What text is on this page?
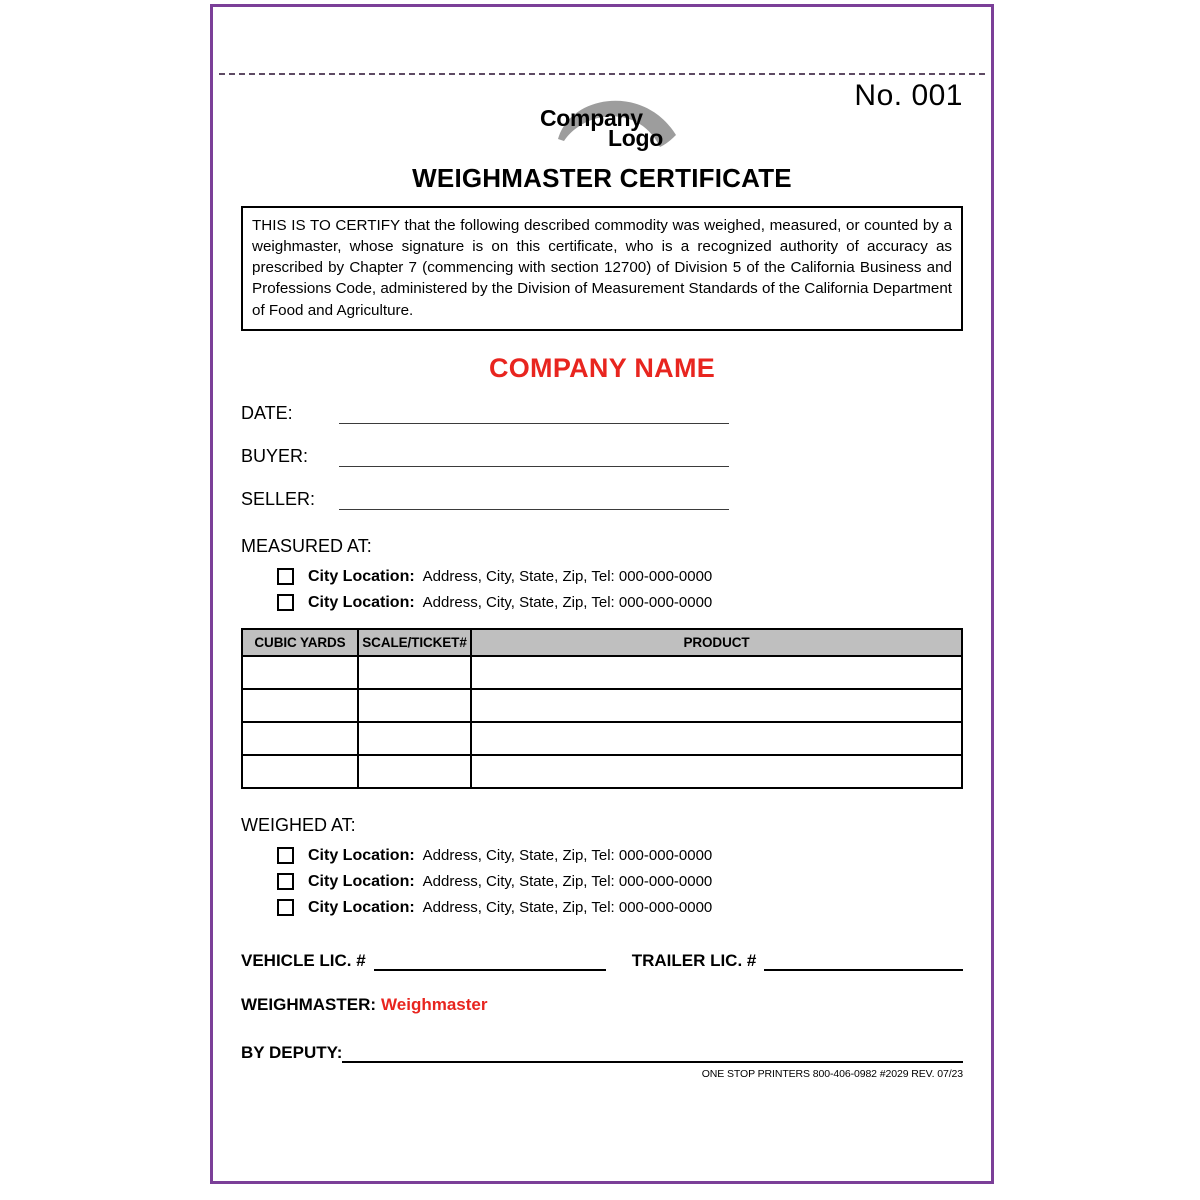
Company
Logo
No. 001
WEIGHMASTER CERTIFICATE
THIS IS TO CERTIFY that the following described commodity was weighed, measured, or counted by a weighmaster, whose signature is on this certificate, who is a recognized authority of accuracy as prescribed by Chapter 7 (commencing with section 12700) of Division 5 of the California Business and Professions Code, administered by the Division of Measurement Standards of the California Department of Food and Agriculture.
COMPANY NAME
DATE:
BUYER:
SELLER:
MEASURED AT:
City Location: Address, City, State, Zip, Tel: 000-000-0000
City Location: Address, City, State, Zip, Tel: 000-000-0000
CUBIC YARDS	SCALE/TICKET#	PRODUCT

WEIGHED AT:
City Location: Address, City, State, Zip, Tel: 000-000-0000
City Location: Address, City, State, Zip, Tel: 000-000-0000
City Location: Address, City, State, Zip, Tel: 000-000-0000
VEHICLE LIC. #	TRAILER LIC. #
WEIGHMASTER: Weighmaster
BY DEPUTY:
ONE STOP PRINTERS 800-406-0982 #2029 REV. 07/23
